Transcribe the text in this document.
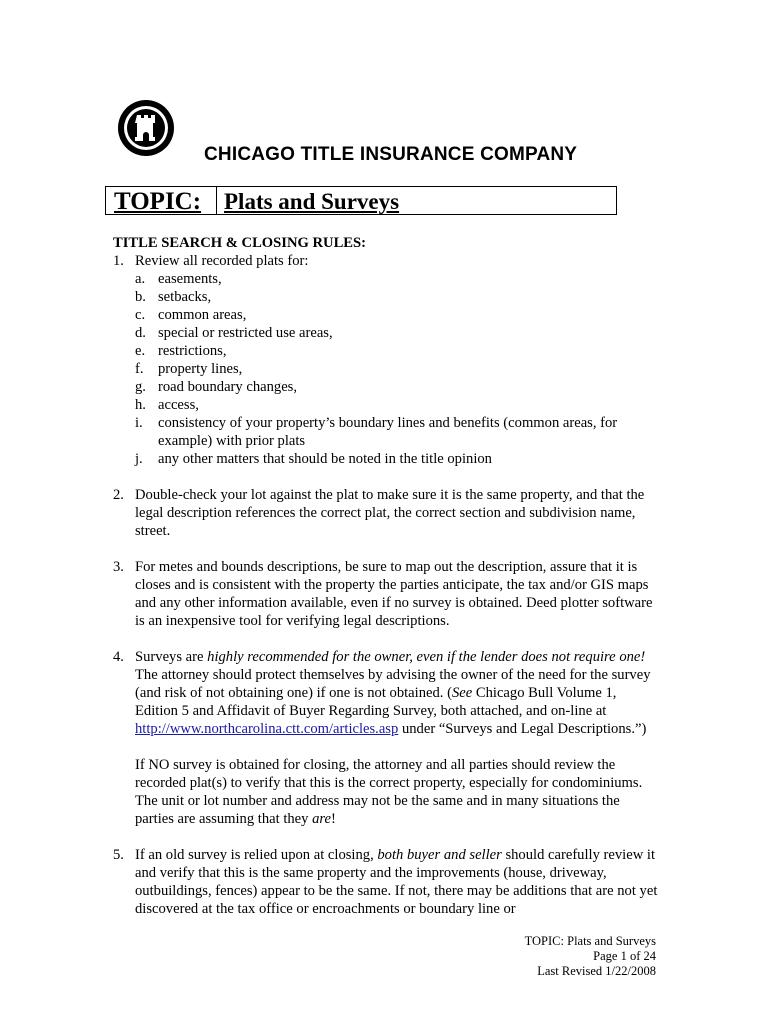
CHICAGO TITLE INSURANCE COMPANY
TOPIC: Plats and Surveys
TITLE SEARCH & CLOSING RULES:
1. Review all recorded plats for:
a. easements,
b. setbacks,
c. common areas,
d. special or restricted use areas,
e. restrictions,
f. property lines,
g. road boundary changes,
h. access,
i.	consistency of your property’s boundary lines and benefits (common areas, for example) with prior plats
j.	any other matters that should be noted in the title opinion
2. Double-check your lot against the plat to make sure it is the same property, and that the legal description references the correct plat, the correct section and subdivision name, street.
3. For metes and bounds descriptions, be sure to map out the description, assure that it is closes and is consistent with the property the parties anticipate, the tax and/or GIS maps and any other information available, even if no survey is obtained. Deed plotter software is an inexpensive tool for verifying legal descriptions.
4. Surveys are highly recommended for the owner, even if the lender does not require one! The attorney should protect themselves by advising the owner of the need for the survey (and risk of not obtaining one) if one is not obtained. (See Chicago Bull Volume 1, Edition 5 and Affidavit of Buyer Regarding Survey, both attached, and on-line at http://www.northcarolina.ctt.com/articles.asp under “Surveys and Legal Descriptions.”)
If NO survey is obtained for closing, the attorney and all parties should review the recorded plat(s) to verify that this is the correct property, especially for condominiums. The unit or lot number and address may not be the same and in many situations the parties are assuming that they are!
5. If an old survey is relied upon at closing, both buyer and seller should carefully review it and verify that this is the same property and the improvements (house, driveway, outbuildings, fences) appear to be the same. If not, there may be additions that are not yet discovered at the tax office or encroachments or boundary line or
TOPIC: Plats and Surveys
Page 1 of 24
Last Revised 1/22/2008
